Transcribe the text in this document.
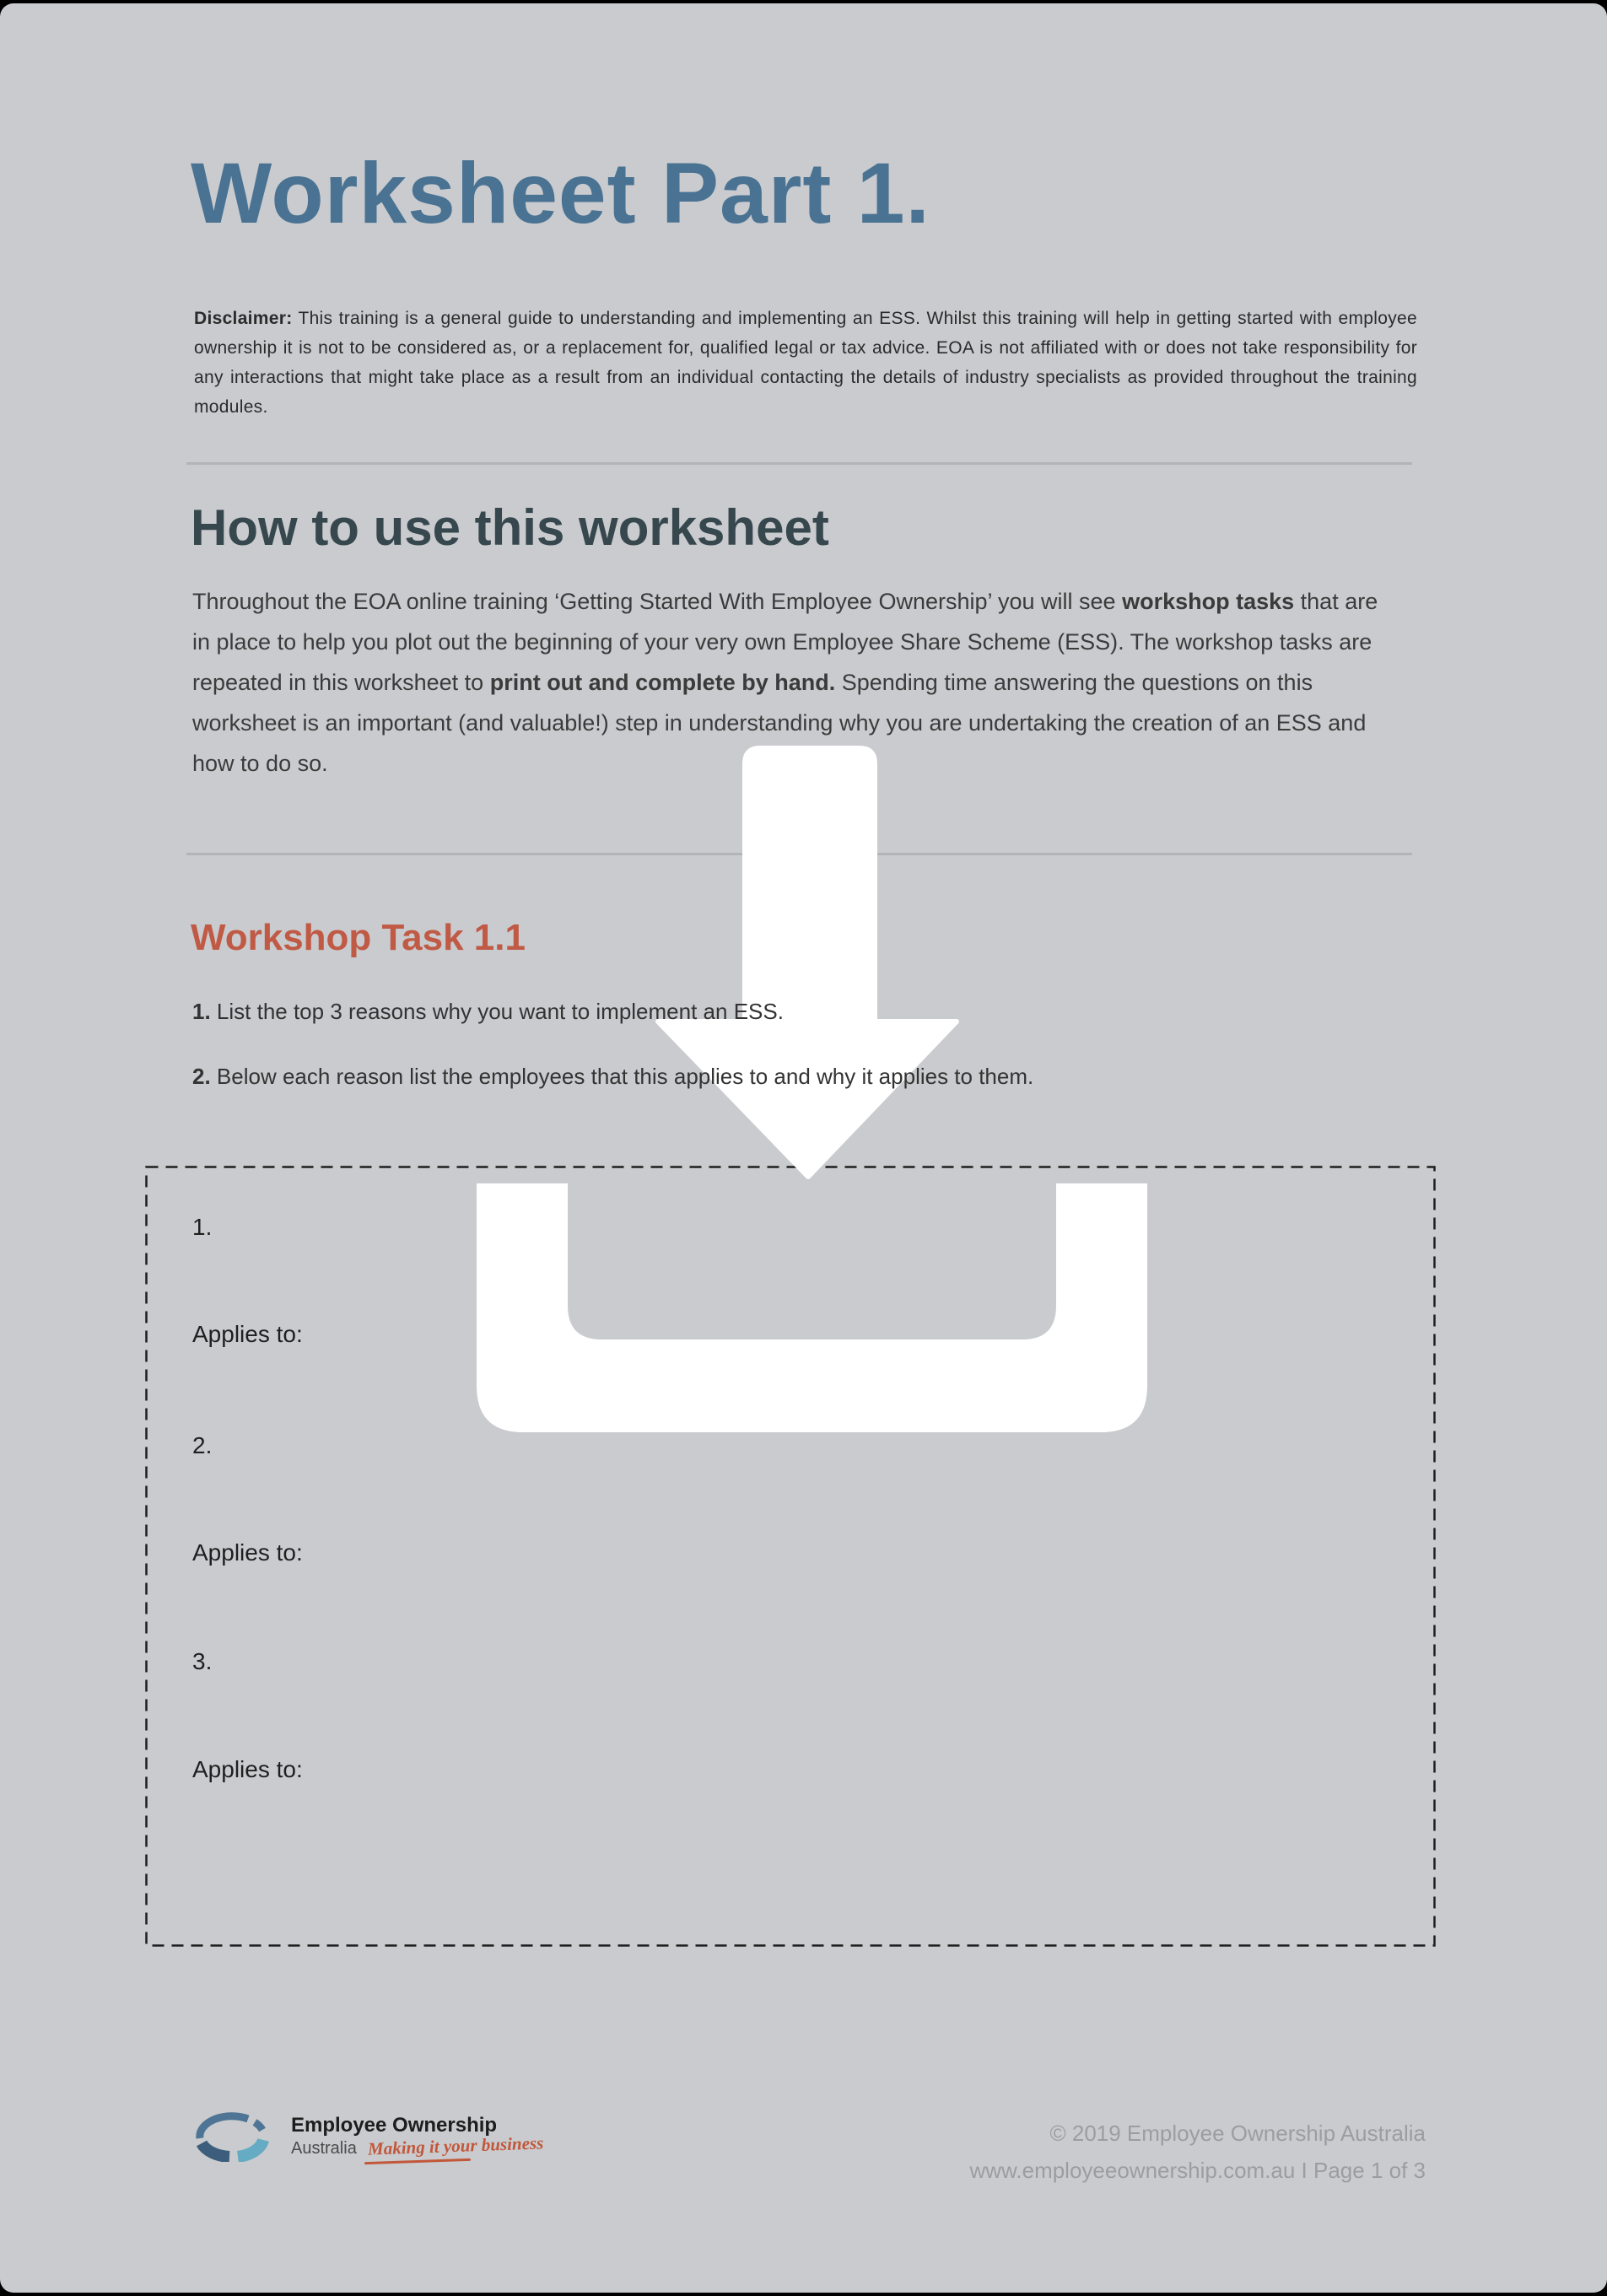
Worksheet Part 1.

Disclaimer: This training is a general guide to understanding and implementing an ESS. Whilst this training will help in getting started with employee ownership it is not to be considered as, or a replacement for, qualified legal or tax advice. EOA is not affiliated with or does not take responsibility for any interactions that might take place as a result from an individual contacting the details of industry specialists as provided throughout the training modules.

How to use this worksheet

Throughout the EOA online training ‘Getting Started With Employee Ownership’ you will see workshop tasks that are in place to help you plot out the beginning of your very own Employee Share Scheme (ESS). The workshop tasks are repeated in this worksheet to print out and complete by hand. Spending time answering the questions on this worksheet is an important (and valuable!) step in understanding why you are undertaking the creation of an ESS and how to do so.

Workshop Task 1.1

1. List the top 3 reasons why you want to implement an ESS.

2. Below each reason list the employees that this applies to and why it applies to them.

1.
Applies to:
2.
Applies to:
3.
Applies to:
Employee Ownership
Australia Making it your business	© 2019 Employee Ownership Australia
www.employeeownership.com.au I Page 1 of 3
